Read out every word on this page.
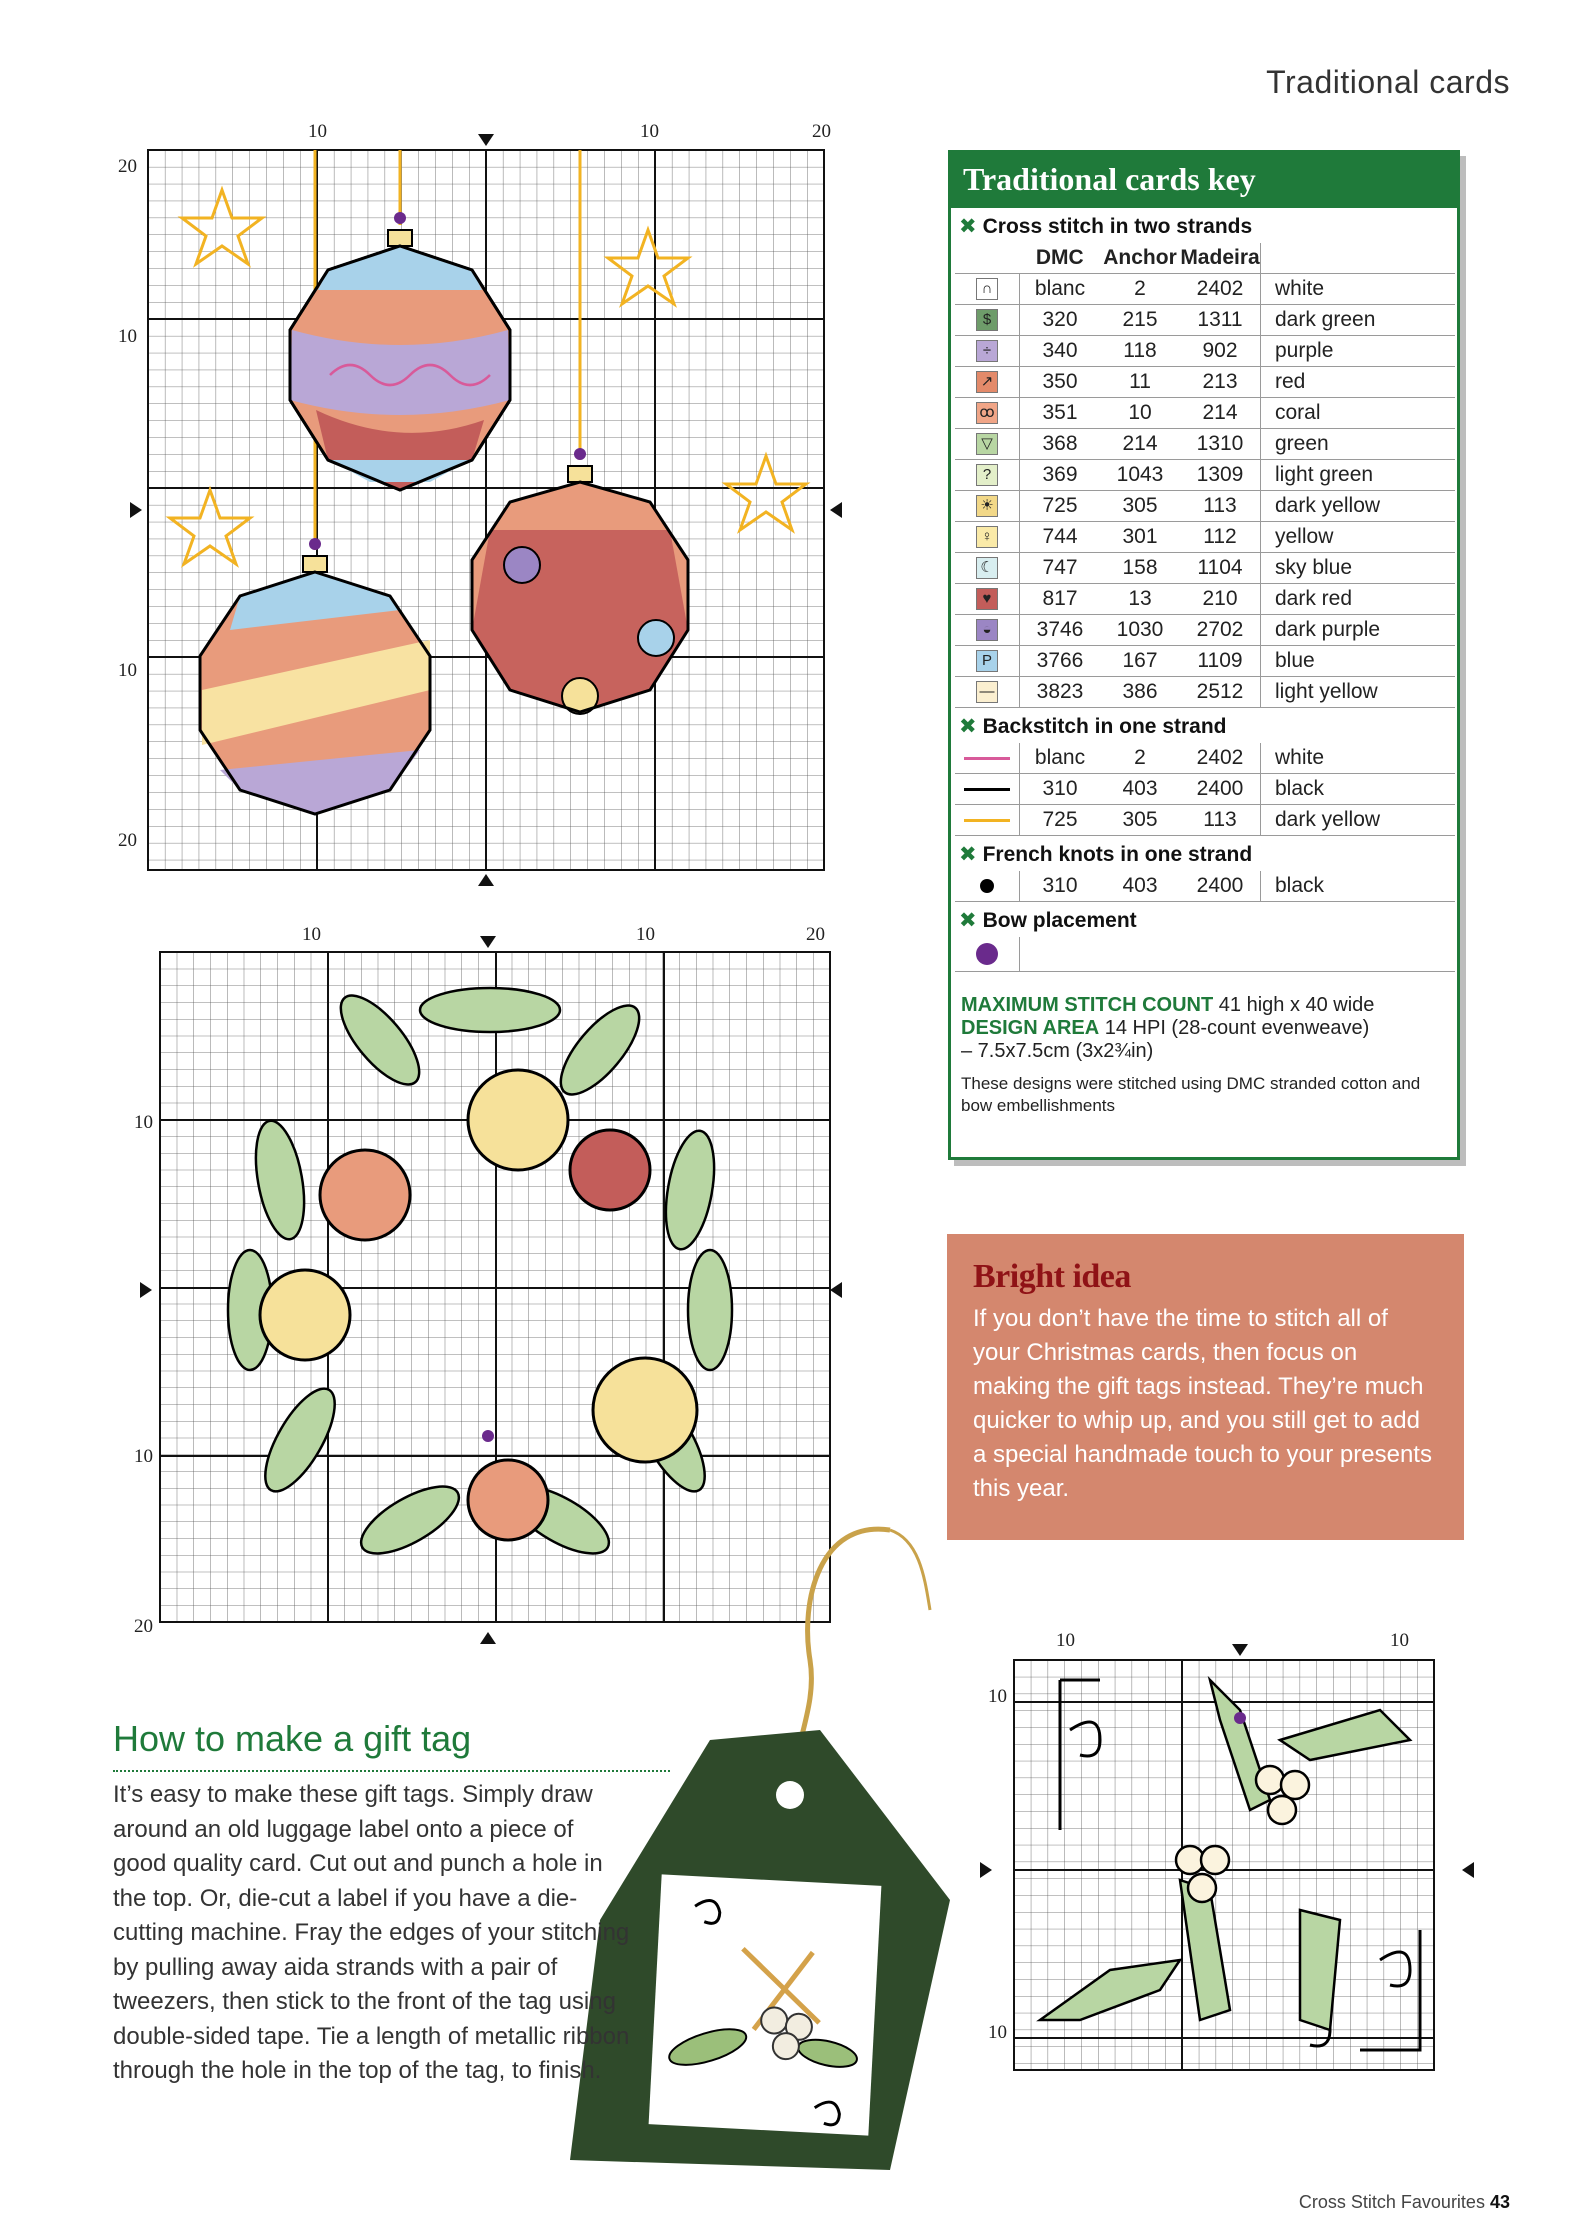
Traditional cards
10	10	20
20
10
10
20
10	10	20
10
10
20
Traditional cards key
✖ Cross stitch in two strands
	DMC	Anchor	Madeira	
∩	blanc	2	2402	white
$	320	215	1311	dark green
÷	340	118	902	purple
↗	350	11	213	red
ꝏ	351	10	214	coral
▽	368	214	1310	green
?	369	1043	1309	light green
☀	725	305	113	dark yellow
♀	744	301	112	yellow
☾	747	158	1104	sky blue
♥	817	13	210	dark red
◒	3746	1030	2702	dark purple
P	3766	167	1109	blue
—	3823	386	2512	light yellow
✖ Backstitch in one strand
	blanc	2	2402	white
	310	403	2400	black
	725	305	113	dark yellow
✖ French knots in one strand
	310	403	2400	black
✖ Bow placement

MAXIMUM STITCH COUNT 41 high x 40 wide
DESIGN AREA 14 HPI (28-count evenweave)
– 7.5x7.5cm (3x2¾in)
These designs were stitched using DMC stranded cotton and bow embellishments
Bright idea

If you don’t have the time to stitch all of your Christmas cards, then focus on making the gift tags instead. They’re much quicker to whip up, and you still get to add a special handmade touch to your presents this year.

10	10
10
10
How to make a gift tag
It’s easy to make these gift tags. Simply draw around an old luggage label onto a piece of good quality card. Cut out and punch a hole in the top. Or, die-cut a label if you have a die-cutting machine. Fray the edges of your stitching by pulling away aida strands with a pair of tweezers, then stick to the front of the tag using double-sided tape. Tie a length of metallic ribbon through the hole in the top of the tag, to finish.
Cross Stitch Favourites 43
